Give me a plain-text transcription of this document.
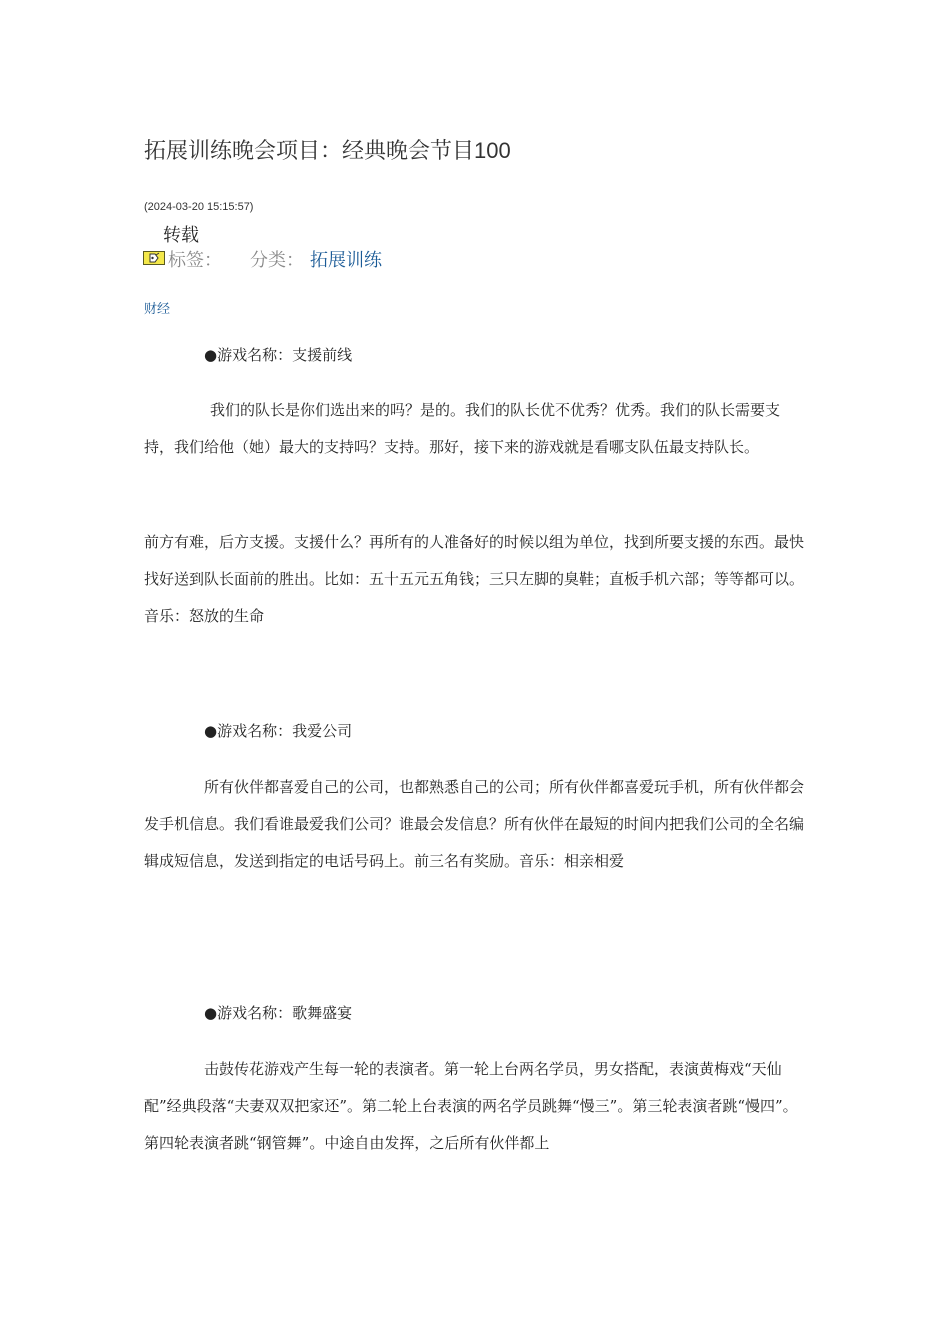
拓展训练晚会项目：经典晚会节目100
(2024-03-20 15:15:57)
转载
标签： 分类： 拓展训练
财经
●游戏名称：支援前线
我们的队长是你们选出来的吗？是的。我们的队长优不优秀？优秀。我们的队长需要支持，我们给他（她）最大的支持吗？支持。那好，接下来的游戏就是看哪支队伍最支持队长。
前方有难，后方支援。支援什么？再所有的人准备好的时候以组为单位，找到所要支援的东西。最快找好送到队长面前的胜出。比如：五十五元五角钱；三只左脚的臭鞋；直板手机六部；等等都可以。音乐：怒放的生命
●游戏名称：我爱公司
所有伙伴都喜爱自己的公司，也都熟悉自己的公司；所有伙伴都喜爱玩手机，所有伙伴都会发手机信息。我们看谁最爱我们公司？谁最会发信息？所有伙伴在最短的时间内把我们公司的全名编辑成短信息，发送到指定的电话号码上。前三名有奖励。音乐：相亲相爱
●游戏名称：歌舞盛宴
击鼓传花游戏产生每一轮的表演者。第一轮上台两名学员，男女搭配，表演黄梅戏“天仙配”经典段落“夫妻双双把家还”。第二轮上台表演的两名学员跳舞“慢三”。第三轮表演者跳“慢四”。第四轮表演者跳“钢管舞”。中途自由发挥，之后所有伙伴都上
